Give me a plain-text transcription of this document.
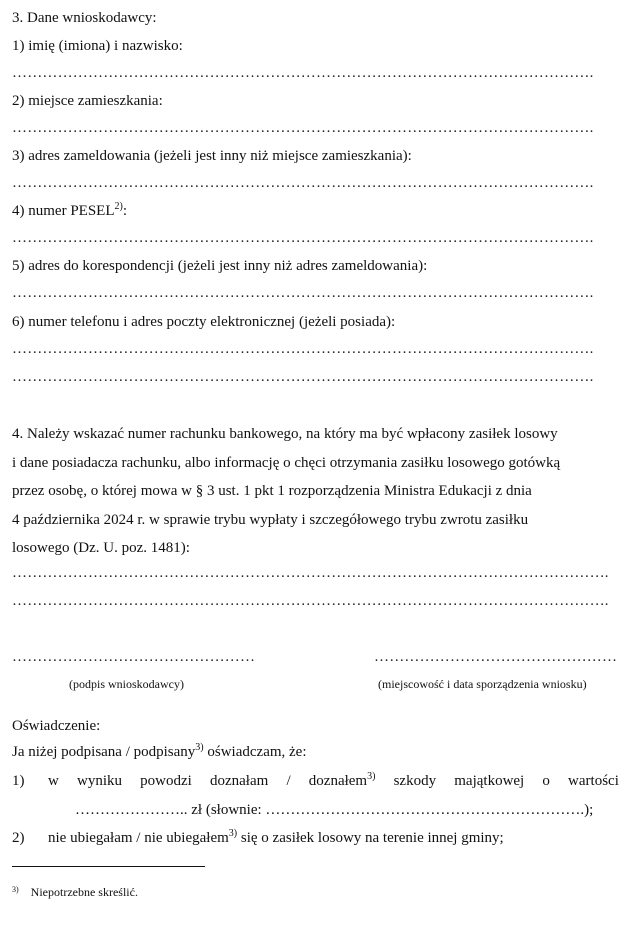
3. Dane wnioskodawcy:
1) imię (imiona) i nazwisko:
…………………………………………………………………………………………………….
2) miejsce zamieszkania:
…………………………………………………………………………………………………….
3) adres zameldowania (jeżeli jest inny niż miejsce zamieszkania):
…………………………………………………………………………………………………….
4) numer PESEL$^{2)}$:
…………………………………………………………………………………………………….
5) adres do korespondencji (jeżeli jest inny niż adres zameldowania):
…………………………………………………………………………………………………….
6) numer telefonu i adres poczty elektronicznej (jeżeli posiada):
…………………………………………………………………………………………………….
…………………………………………………………………………………………………….
4. Należy wskazać numer rachunku bankowego, na który ma być wpłacony zasiłek losowy
i dane posiadacza rachunku, albo informację o chęci otrzymania zasiłku losowego gotówką
przez osobę, o której mowa w § 3 ust. 1 pkt 1 rozporządzenia Ministra Edukacji z dnia
4 października 2024 r. w sprawie trybu wypłaty i szczegółowego trybu zwrotu zasiłku
losowego (Dz. U. poz. 1481):
……………………………………………………………………………………………………….
……………………………………………………………………………………………………….
…………………………………………
(podpis wnioskodawcy)
…………………………………………
(miejscowość i data sporządzenia wniosku)
Oświadczenie:
Ja niżej podpisana / podpisany$^{3)}$ oświadczam, że:
1) w wyniku powodzi doznałam / doznałem$^{3)}$ szkody majątkowej o wartości
………………….. zł (słownie: ……………………………………………………….);
2) nie ubiegałam / nie ubiegałem$^{3)}$ się o zasiłek losowy na terenie innej gminy;
$^{3)}$ Niepotrzebne skreślić.
